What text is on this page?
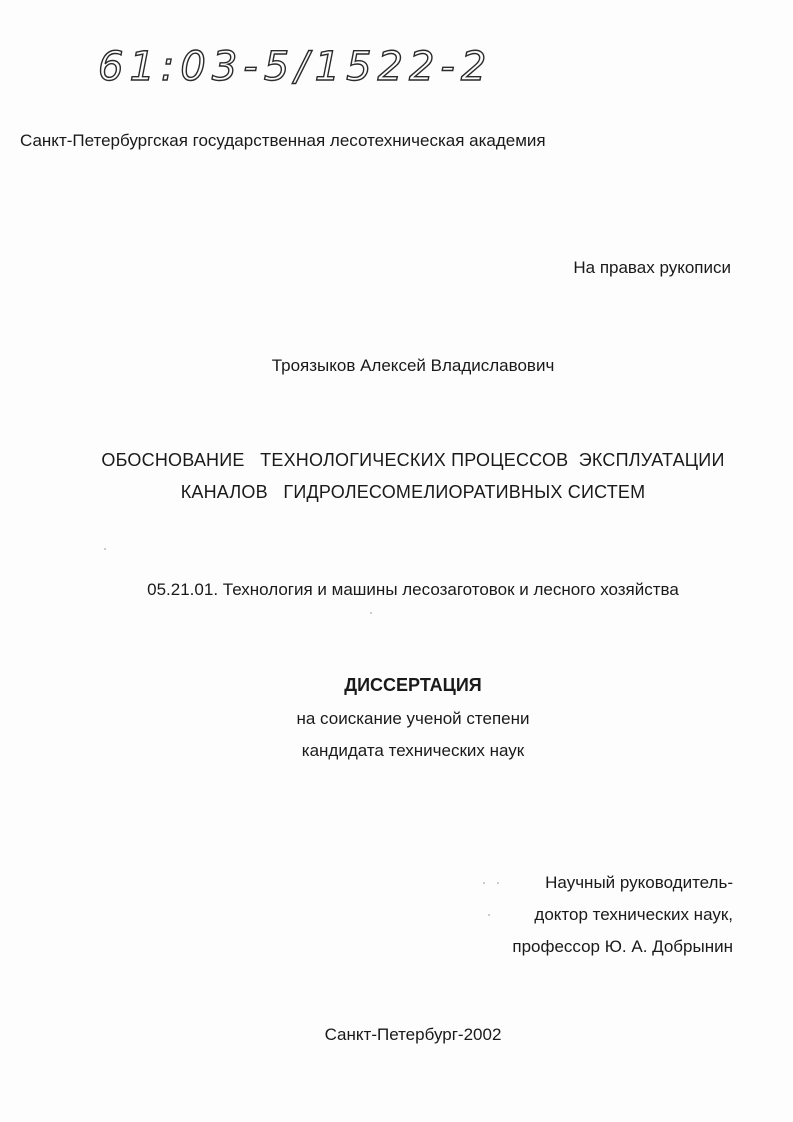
61:03-5/1522-2
Санкт-Петербургская государственная лесотехническая академия
На правах рукописи
Троязыков Алексей Владиславович
ОБОСНОВАНИЕ   ТЕХНОЛОГИЧЕСКИХ ПРОЦЕССОВ  ЭКСПЛУАТАЦИИ
КАНАЛОВ   ГИДРОЛЕСОМЕЛИОРАТИВНЫХ СИСТЕМ
05.21.01. Технология и машины лесозаготовок и лесного хозяйства
ДИССЕРТАЦИЯ
на соискание ученой степени
кандидата технических наук
Научный руководитель-
доктор технических наук,
профессор Ю. А. Добрынин
Санкт-Петербург-2002
